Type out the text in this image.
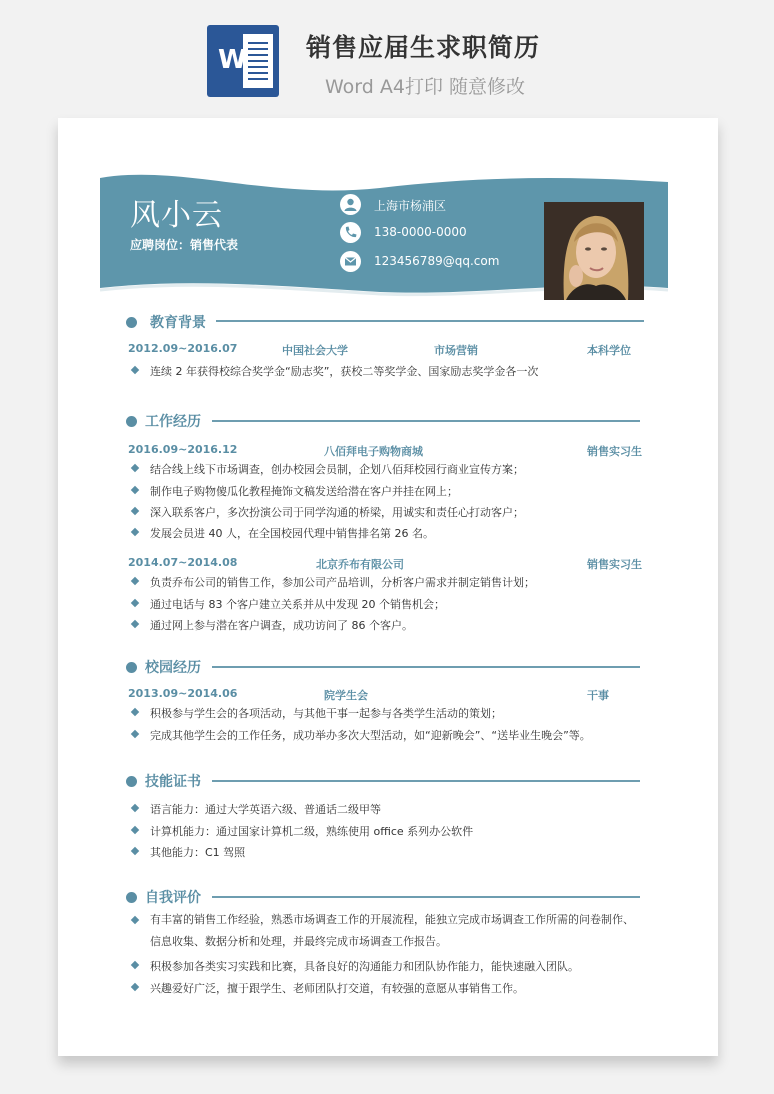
W 销售应届生求职简历
Word A4打印 随意修改
风小云
应聘岗位：销售代表
上海市杨浦区
138-0000-0000
123456789@qq.com
教育背景
2012.09~2016.07	中国社会大学	市场营销	本科学位
连续 2 年获得校综合奖学金“励志奖”，获校二等奖学金、国家励志奖学金各一次
工作经历
2016.09~2016.12	八佰拜电子购物商城	销售实习生
结合线上线下市场调查，创办校园会员制，企划八佰拜校园行商业宣传方案；
制作电子购物傻瓜化教程掩饰文稿发送给潜在客户并挂在网上；
深入联系客户，多次扮演公司于同学沟通的桥梁，用诚实和责任心打动客户；
发展会员进 40 人，在全国校园代理中销售排名第 26 名。
2014.07~2014.08	北京乔布有限公司	销售实习生
负责乔布公司的销售工作，参加公司产品培训，分析客户需求并制定销售计划；
通过电话与 83 个客户建立关系并从中发现 20 个销售机会；
通过网上参与潜在客户调查，成功访问了 86 个客户。
校园经历
2013.09~2014.06	院学生会	干事
积极参与学生会的各项活动，与其他干事一起参与各类学生活动的策划；
完成其他学生会的工作任务，成功举办多次大型活动，如“迎新晚会”、“送毕业生晚会”等。
技能证书
语言能力：通过大学英语六级、普通话二级甲等
计算机能力：通过国家计算机二级，熟练使用 office 系列办公软件
其他能力：C1 驾照
自我评价
有丰富的销售工作经验，熟悉市场调查工作的开展流程，能独立完成市场调查工作所需的问卷制作、信息收集、数据分析和处理，并最终完成市场调查工作报告。
积极参加各类实习实践和比赛，具备良好的沟通能力和团队协作能力，能快速融入团队。
兴趣爱好广泛，擅于跟学生、老师团队打交道，有较强的意愿从事销售工作。
